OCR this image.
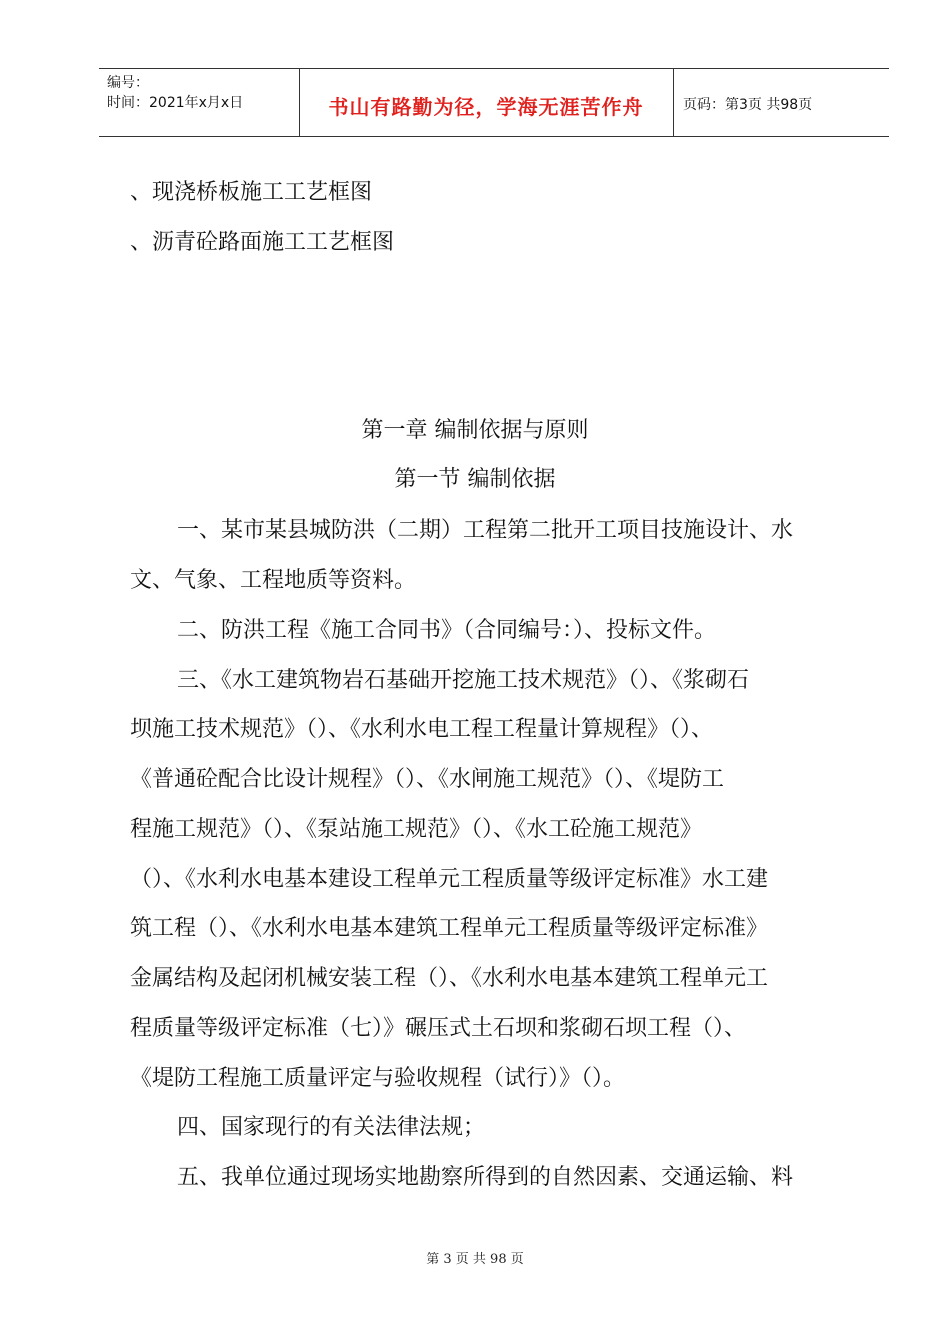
编号：
时间：2021年x月x日	书山有路勤为径，学海无涯苦作舟	页码：第3页 共98页
、现浇桥板施工工艺框图
、沥青砼路面施工工艺框图
第一章 编制依据与原则
第一节 编制依据
一、某市某县城防洪（二期）工程第二批开工项目技施设计、水
文、气象、工程地质等资料。
二、防洪工程《施工合同书》（合同编号：）、投标文件。
三、《水工建筑物岩石基础开挖施工技术规范》（）、《浆砌石
坝施工技术规范》（）、《水利水电工程工程量计算规程》（）、
《普通砼配合比设计规程》（）、《水闸施工规范》（）、《堤防工
程施工规范》（）、《泵站施工规范》（）、《水工砼施工规范》
（）、《水利水电基本建设工程单元工程质量等级评定标准》水工建
筑工程（）、《水利水电基本建筑工程单元工程质量等级评定标准》
金属结构及起闭机械安装工程（）、《水利水电基本建筑工程单元工
程质量等级评定标准（七）》碾压式土石坝和浆砌石坝工程（）、
《堤防工程施工质量评定与验收规程（试行）》（）。
四、国家现行的有关法律法规；
五、我单位通过现场实地勘察所得到的自然因素、交通运输、料
第 3 页 共 98 页
